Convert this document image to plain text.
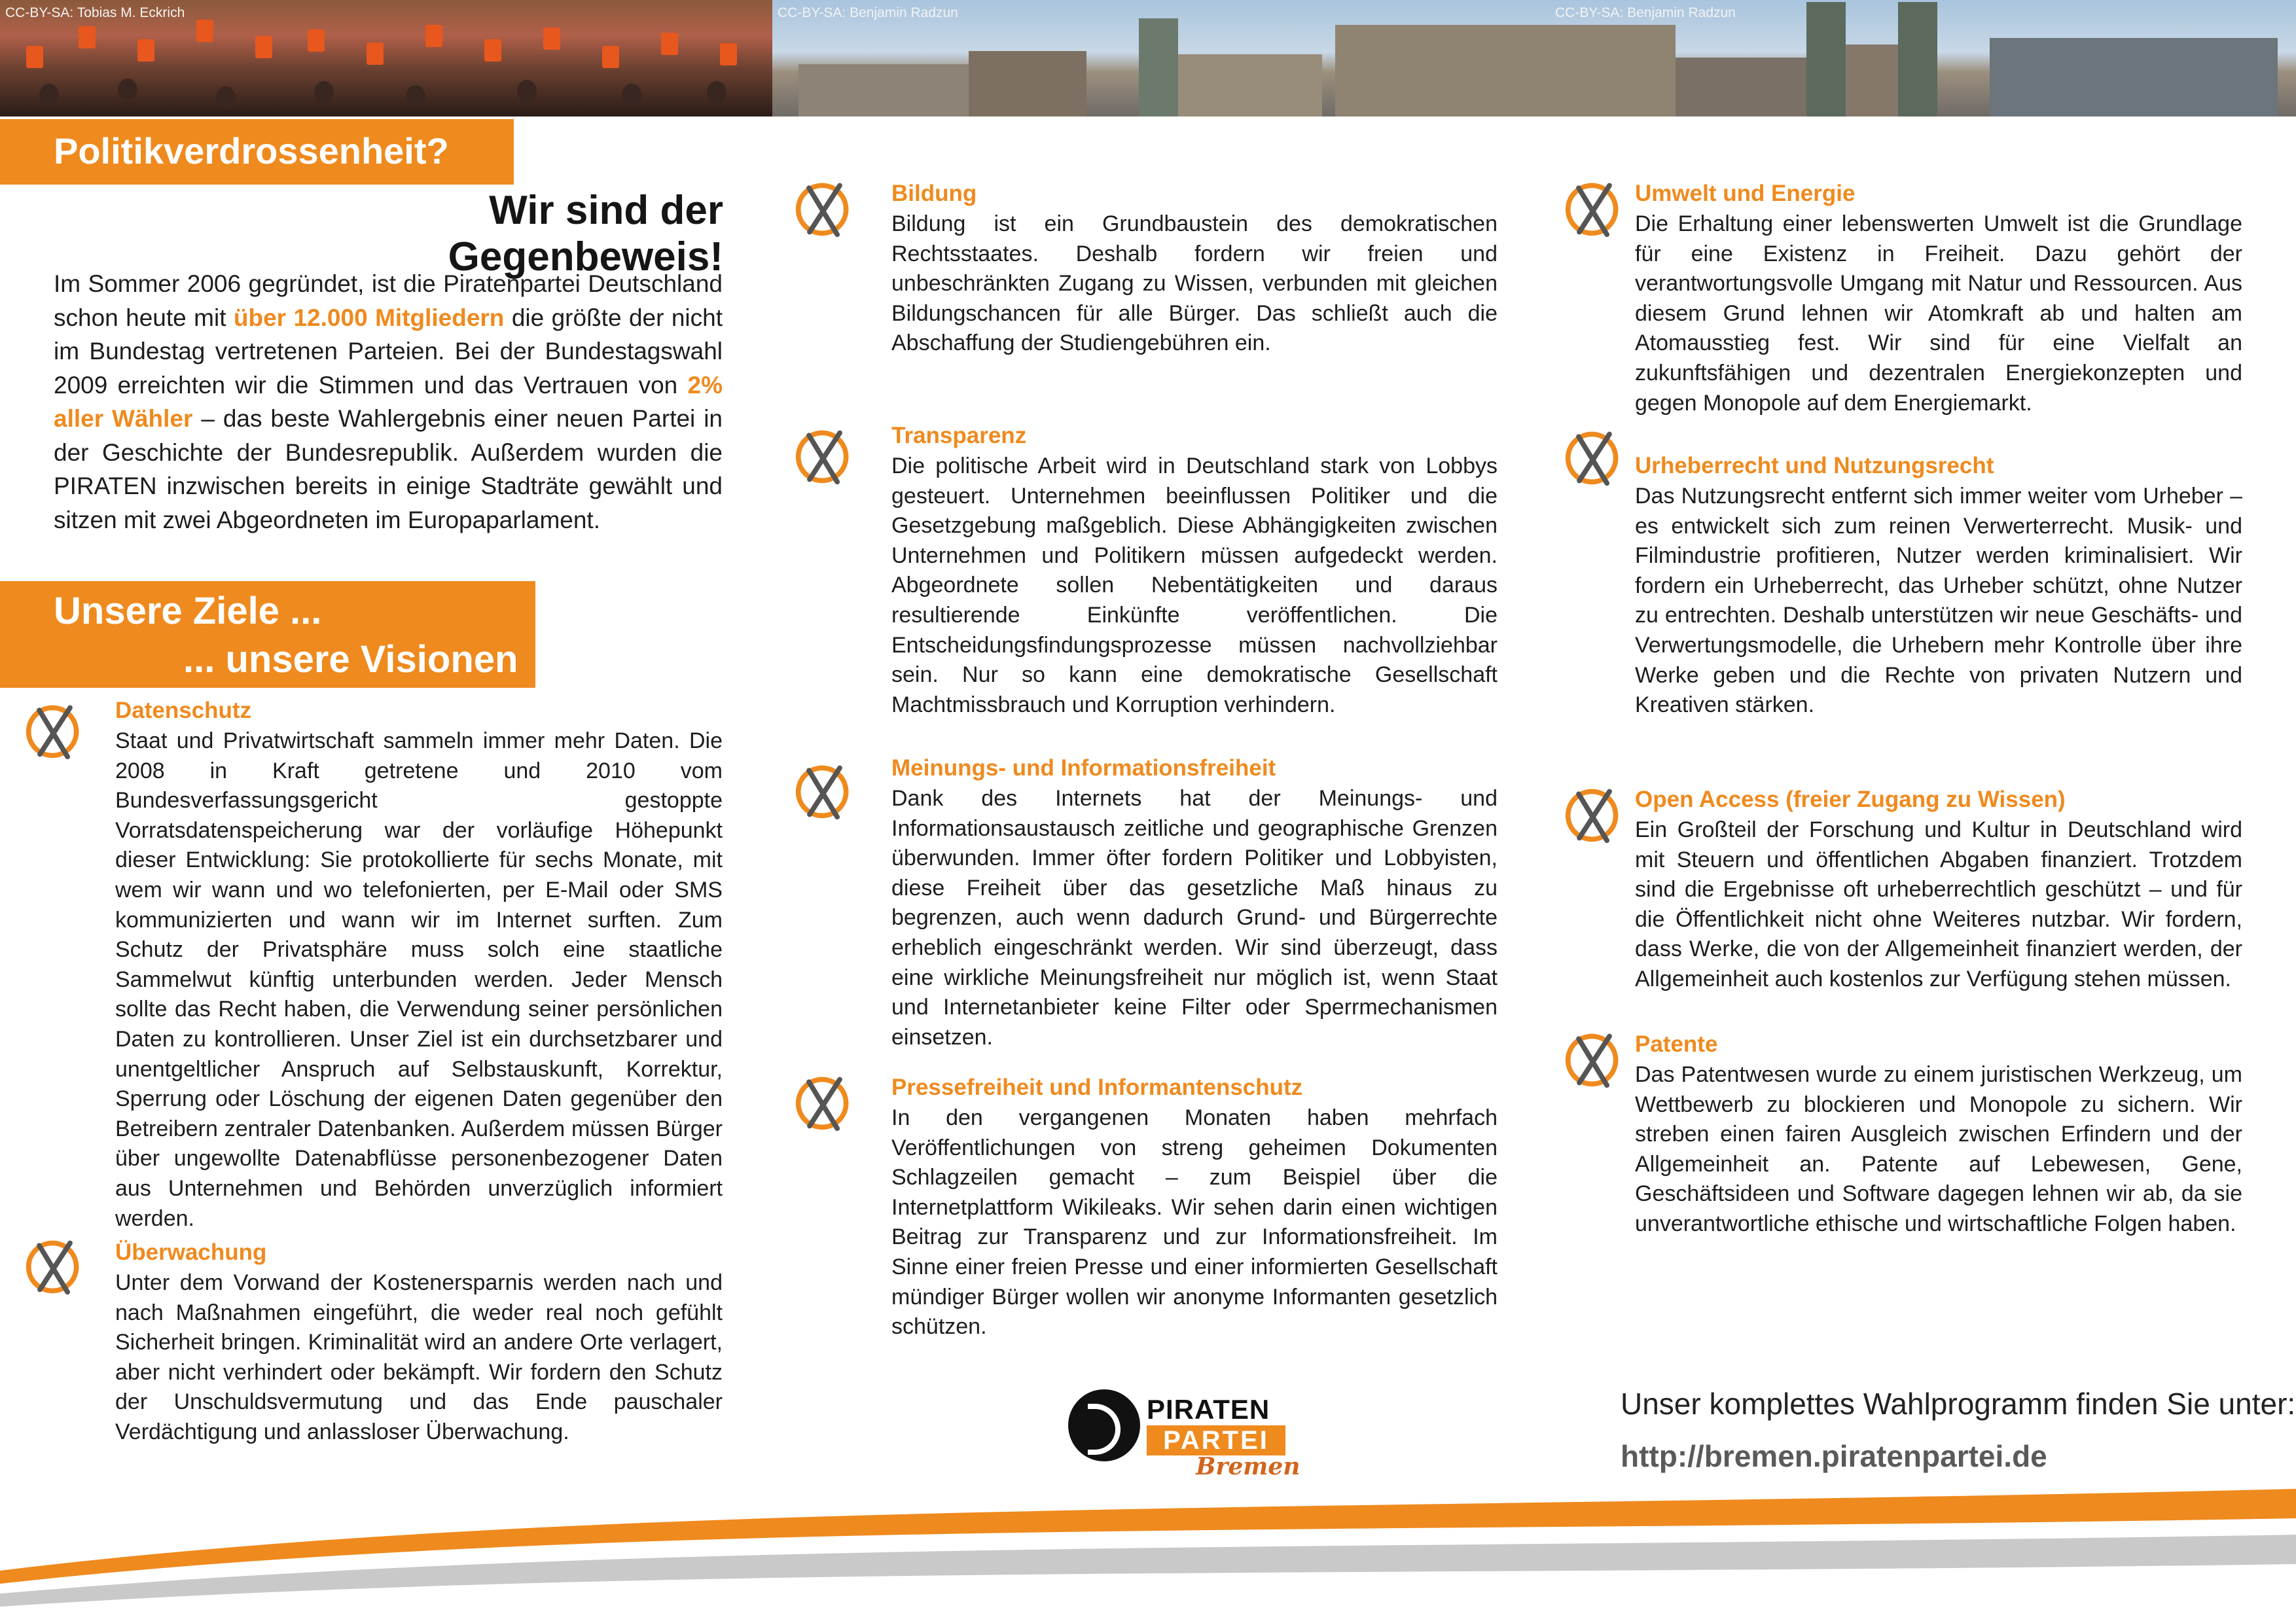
CC-BY-SA: Tobias M. Eckrich	CC-BY-SA: Benjamin Radzun	CC-BY-SA: Benjamin Radzun
Politikverdrossenheit?
Wir sind der Gegenbeweis!
Im Sommer 2006 gegründet, ist die Piratenpartei Deutschland schon heute mit über 12.000 Mitgliedern die größte der nicht im Bundestag vertretenen Parteien. Bei der Bundestagswahl 2009 erreichten wir die Stimmen und das Vertrauen von 2% aller Wähler – das beste Wahlergebnis einer neuen Partei in der Geschichte der Bundesrepublik. Außerdem wurden die PIRATEN inzwischen bereits in einige Stadträte gewählt und sitzen mit zwei Abgeordneten im Europaparlament.
Unsere Ziele ...
... unsere Visionen
Datenschutz
Staat und Privatwirtschaft sammeln immer mehr Daten. Die 2008 in Kraft getretene und 2010 vom Bundesverfassungsgericht gestoppte Vorratsdatenspeicherung war der vorläufige Höhepunkt dieser Entwicklung: Sie protokollierte für sechs Monate, mit wem wir wann und wo telefonierten, per E-Mail oder SMS kommunizierten und wann wir im Internet surften. Zum Schutz der Privatsphäre muss solch eine staatliche Sammelwut künftig unterbunden werden. Jeder Mensch sollte das Recht haben, die Verwendung seiner persönlichen Daten zu kontrollieren. Unser Ziel ist ein durchsetzbarer und unentgeltlicher Anspruch auf Selbstauskunft, Korrektur, Sperrung oder Löschung der eigenen Daten gegenüber den Betreibern zentraler Datenbanken. Außerdem müssen Bürger über ungewollte Datenabflüsse personenbezogener Daten aus Unternehmen und Behörden unverzüglich informiert werden.
Überwachung
Unter dem Vorwand der Kostenersparnis werden nach und nach Maßnahmen eingeführt, die weder real noch gefühlt Sicherheit bringen. Kriminalität wird an andere Orte verlagert, aber nicht verhindert oder bekämpft. Wir fordern den Schutz der Unschuldsvermutung und das Ende pauschaler Verdächtigung und anlassloser Überwachung.
Bildung
Bildung ist ein Grundbaustein des demokratischen Rechtsstaates. Deshalb fordern wir freien und unbeschränkten Zugang zu Wissen, verbunden mit gleichen Bildungschancen für alle Bürger. Das schließt auch die Abschaffung der Studiengebühren ein.
Transparenz
Die politische Arbeit wird in Deutschland stark von Lobbys gesteuert. Unternehmen beeinflussen Politiker und die Gesetzgebung maßgeblich. Diese Abhängigkeiten zwischen Unternehmen und Politikern müssen aufgedeckt werden. Abgeordnete sollen Nebentätigkeiten und daraus resultierende Einkünfte veröffentlichen. Die Entscheidungsfindungsprozesse müssen nachvollziehbar sein. Nur so kann eine demokratische Gesellschaft Machtmissbrauch und Korruption verhindern.
Meinungs- und Informationsfreiheit
Dank des Internets hat der Meinungs- und Informationsaustausch zeitliche und geographische Grenzen überwunden. Immer öfter fordern Politiker und Lobbyisten, diese Freiheit über das gesetzliche Maß hinaus zu begrenzen, auch wenn dadurch Grund- und Bürgerrechte erheblich eingeschränkt werden. Wir sind überzeugt, dass eine wirkliche Meinungsfreiheit nur möglich ist, wenn Staat und Internetanbieter keine Filter oder Sperrmechanismen einsetzen.
Pressefreiheit und Informantenschutz
In den vergangenen Monaten haben mehrfach Veröffentlichungen von streng geheimen Dokumenten Schlagzeilen gemacht – zum Beispiel über die Internetplattform Wikileaks. Wir sehen darin einen wichtigen Beitrag zur Transparenz und zur Informationsfreiheit. Im Sinne einer freien Presse und einer informierten Gesellschaft mündiger Bürger wollen wir anonyme Informanten gesetzlich schützen.
Umwelt und Energie
Die Erhaltung einer lebenswerten Umwelt ist die Grundlage für eine Existenz in Freiheit. Dazu gehört der verantwortungsvolle Umgang mit Natur und Ressourcen. Aus diesem Grund lehnen wir Atomkraft ab und halten am Atomausstieg fest. Wir sind für eine Vielfalt an zukunftsfähigen und dezentralen Energiekonzepten und gegen Monopole auf dem Energiemarkt.
Urheberrecht und Nutzungsrecht
Das Nutzungsrecht entfernt sich immer weiter vom Urheber – es entwickelt sich zum reinen Verwerterrecht. Musik- und Filmindustrie profitieren, Nutzer werden kriminalisiert. Wir fordern ein Urheberrecht, das Urheber schützt, ohne Nutzer zu entrechten. Deshalb unterstützen wir neue Geschäfts- und Verwertungsmodelle, die Urhebern mehr Kontrolle über ihre Werke geben und die Rechte von privaten Nutzern und Kreativen stärken.
Open Access (freier Zugang zu Wissen)
Ein Großteil der Forschung und Kultur in Deutschland wird mit Steuern und öffentlichen Abgaben finanziert. Trotzdem sind die Ergebnisse oft urheberrechtlich geschützt – und für die Öffentlichkeit nicht ohne Weiteres nutzbar. Wir fordern, dass Werke, die von der Allgemeinheit finanziert werden, der Allgemeinheit auch kostenlos zur Verfügung stehen müssen.
Patente
Das Patentwesen wurde zu einem juristischen Werkzeug, um Wettbewerb zu blockieren und Monopole zu sichern. Wir streben einen fairen Ausgleich zwischen Erfindern und der Allgemeinheit an. Patente auf Lebewesen, Gene, Geschäftsideen und Software dagegen lehnen wir ab, da sie unverantwortliche ethische und wirtschaftliche Folgen haben.
PIRATEN
PARTEI
Bremen
Unser komplettes Wahlprogramm finden Sie unter:
http://bremen.piratenpartei.de
